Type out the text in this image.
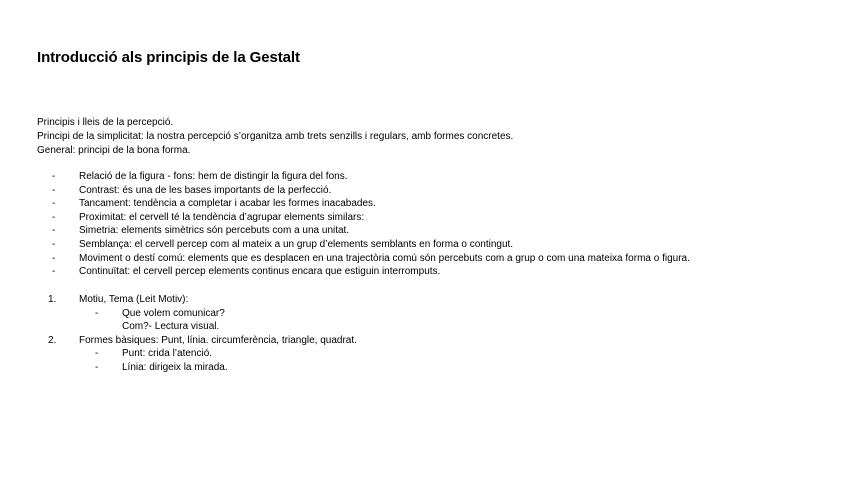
Introducció als principis de la Gestalt
Principis i lleis de la percepció.
Principi de la simplicitat: la nostra percepció s’organitza amb trets senzills i regulars, amb formes concretes.
General: principi de la bona forma.
- Relació de la figura - fons: hem de distingir la figura del fons.
- Contrast: és una de les bases importants de la perfecció.
- Tancament: tendència a completar i acabar les formes inacabades.
- Proximitat: el cervell té la tendència d’agrupar elements similars:
- Simetria: elements simètrics són percebuts com a una unitat.
- Semblança: el cervell percep com al mateix a un grup d’elements semblants en forma o contingut.
- Moviment o destí comú: elements que es desplacen en una trajectòria comú són percebuts com a grup o com una mateixa forma o figura.
- Continuïtat: el cervell percep elements continus encara que estiguin interromputs.
1. Motiu, Tema (Leit Motiv):
- Que volem comunicar?
Com?- Lectura visual.
2. Formes bàsiques: Punt, línia. circumferència, triangle, quadrat.
- Punt: crida l’atenció.
- Línia: dirigeix la mirada.
